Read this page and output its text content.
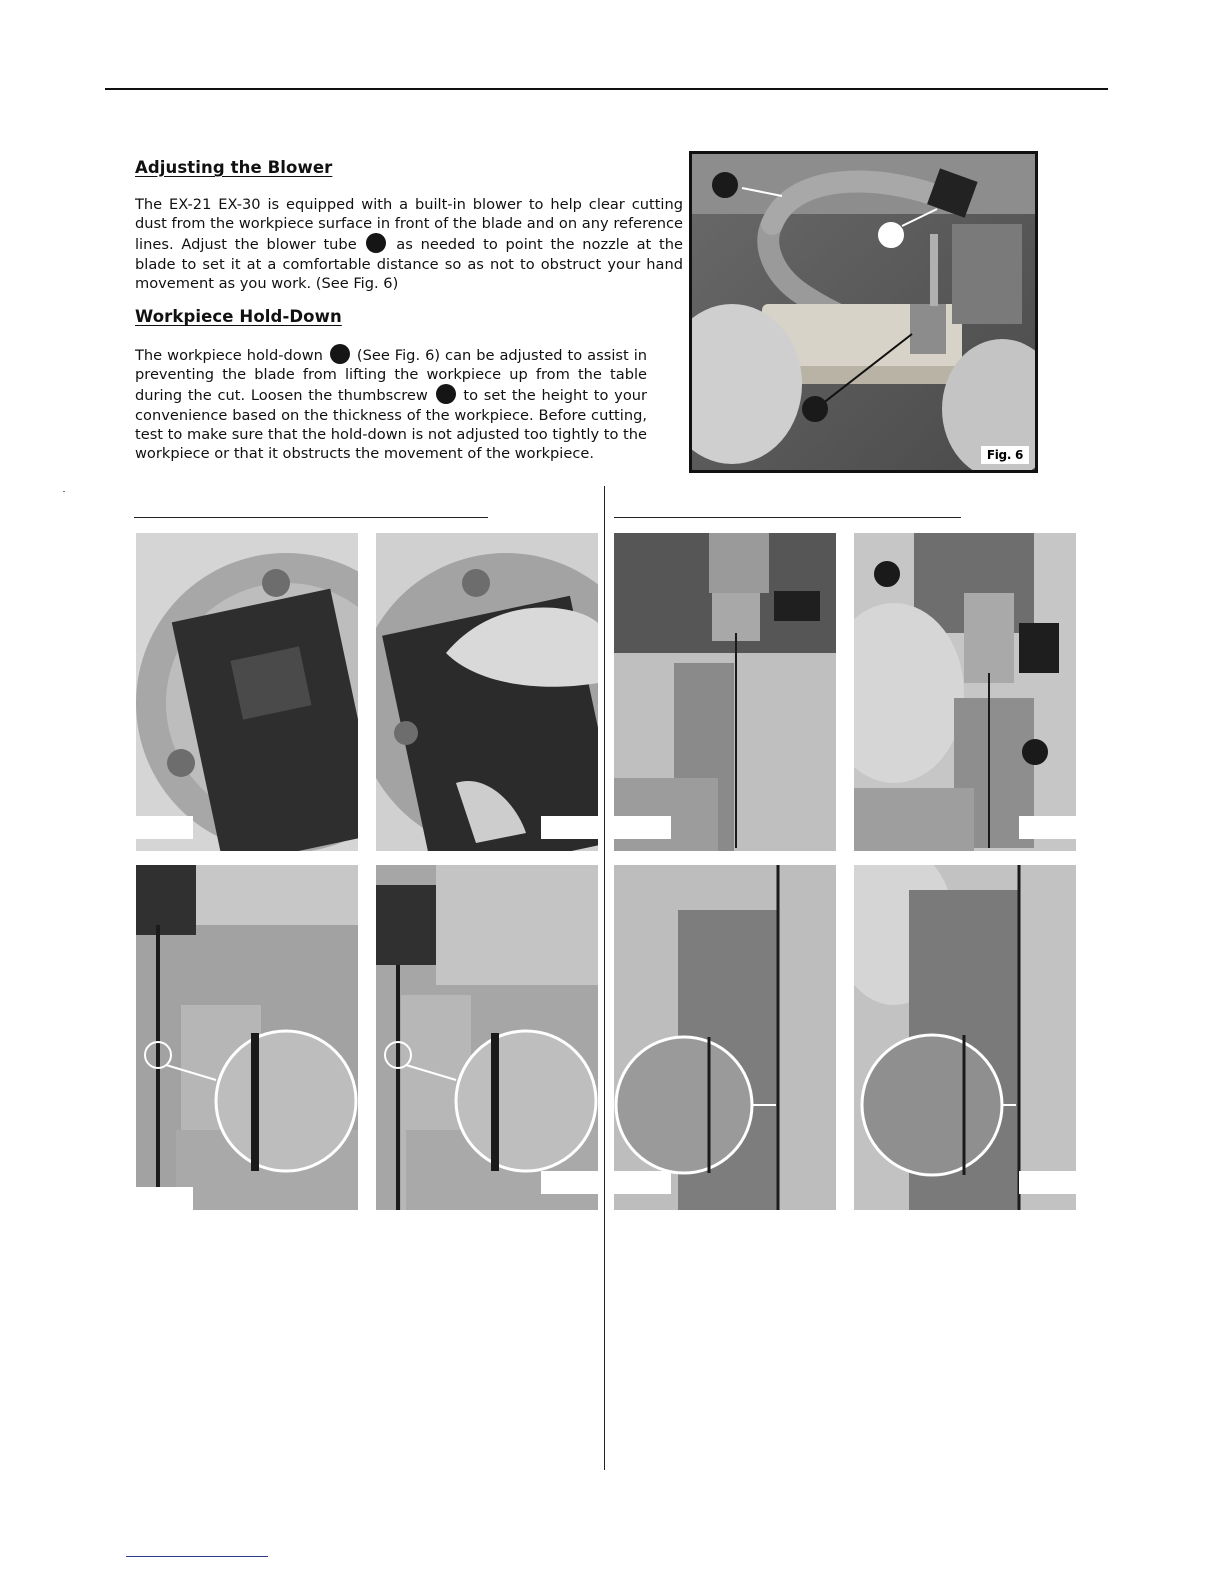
Adjusting the Blower

The EX-21 EX-30 is equipped with a built-in blower to help clear cutting dust from the workpiece surface in front of the blade and on any reference lines. Adjust the blower tube	as needed to point the nozzle at the blade to set it at a comfortable distance so as not to obstruct your hand movement as you work. (See Fig. 6)

Workpiece Hold-Down

The workpiece hold-down (See Fig. 6) can be adjusted to assist in preventing the blade from lifting the workpiece up from the table during the cut. Loosen the thumbscrew to set the height to your convenience based on the thickness of the workpiece. Before cutting, test to make sure that the hold-down is not adjusted too tightly to the workpiece or that it obstructs the movement of the workpiece.	Fig. 6
